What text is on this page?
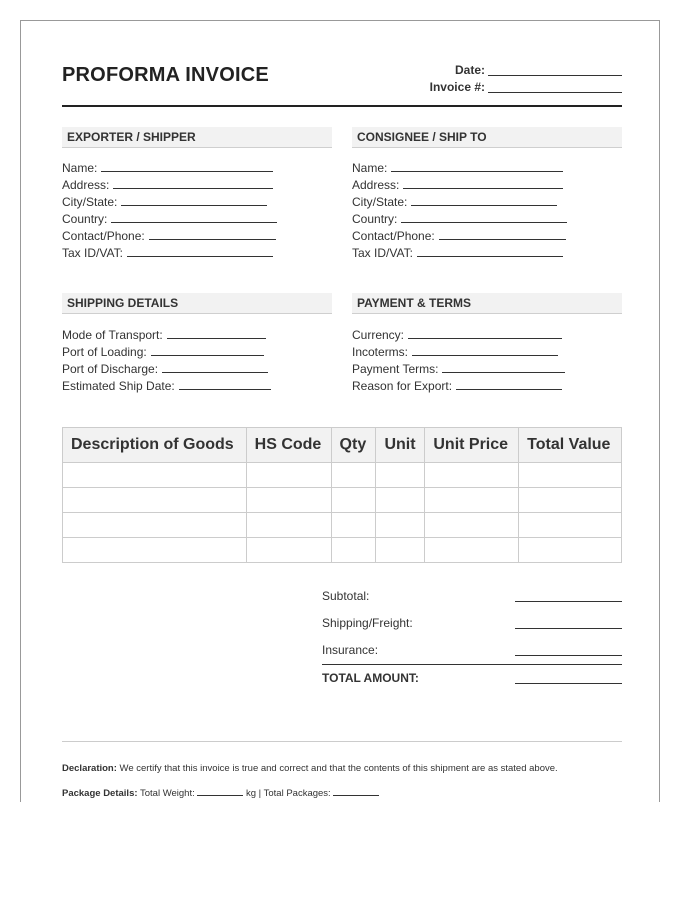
PROFORMA INVOICE	Date:
Invoice #:
EXPORTER / SHIPPER
Name:
Address:
City/State:
Country:
Contact/Phone:
Tax ID/VAT:
CONSIGNEE / SHIP TO
Name:
Address:
City/State:
Country:
Contact/Phone:
Tax ID/VAT:
SHIPPING DETAILS
Mode of Transport:
Port of Loading:
Port of Discharge:
Estimated Ship Date:
PAYMENT & TERMS
Currency:
Incoterms:
Payment Terms:
Reason for Export:
Description of Goods	HS Code	Qty	Unit	Unit Price	Total Value

Subtotal:
Shipping/Freight:
Insurance:
TOTAL AMOUNT:
Declaration: We certify that this invoice is true and correct and that the contents of this shipment are as stated above.
Package Details: Total Weight:	kg | Total Packages:
